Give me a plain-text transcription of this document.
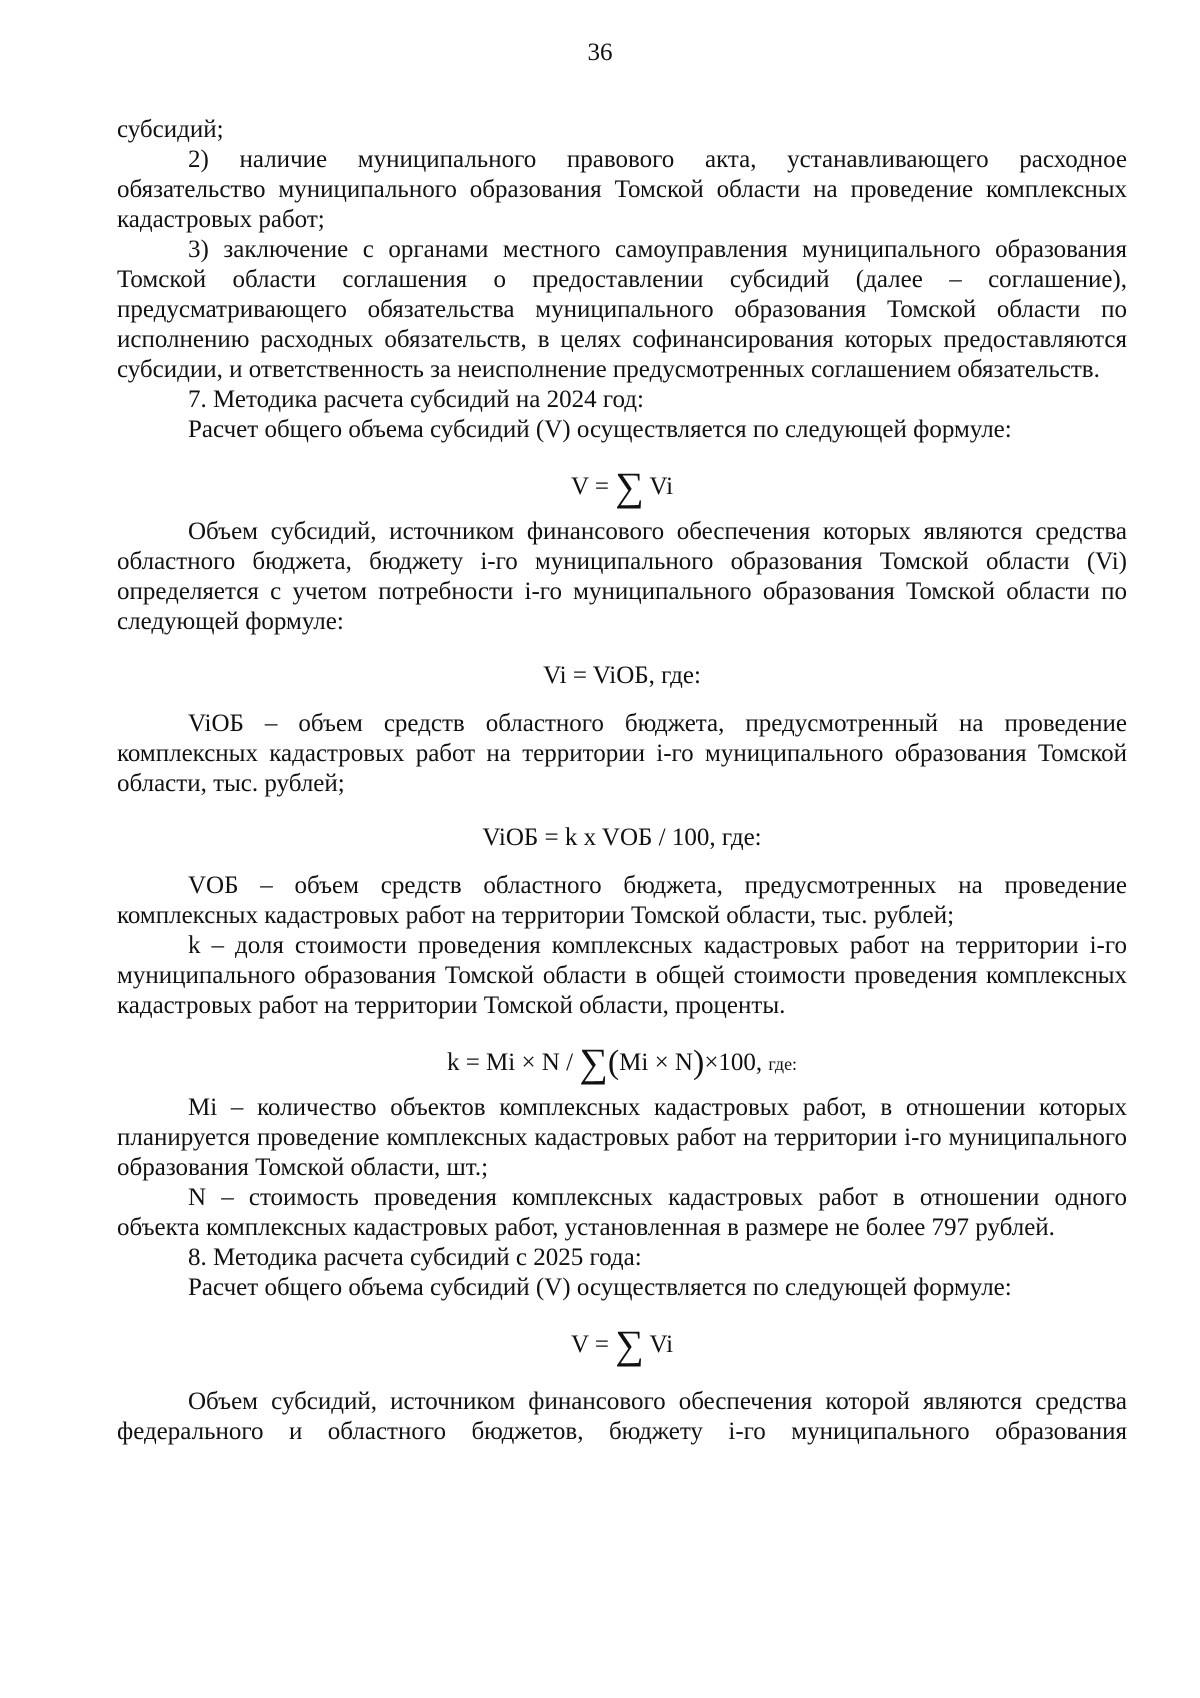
36

субсидий;

2) наличие муниципального правового акта, устанавливающего расходное обязательство муниципального образования Томской области на проведение комплексных кадастровых работ;

3) заключение с органами местного самоуправления муниципального образования Томской области соглашения о предоставлении субсидий (далее – соглашение), предусматривающего обязательства муниципального образования Томской области по исполнению расходных обязательств, в целях софинансирования которых предоставляются субсидии, и ответственность за неисполнение предусмотренных соглашением обязательств.

7. Методика расчета субсидий на 2024 год:

Расчет общего объема субсидий (V) осуществляется по следующей формуле:

V = ∑ Vi

Объем субсидий, источником финансового обеспечения которых являются средства областного бюджета, бюджету i-го муниципального образования Томской области (Vi) определяется с учетом потребности i-го муниципального образования Томской области по следующей формуле:

Vi = ViОБ, где:

ViОБ – объем средств областного бюджета, предусмотренный на проведение комплексных кадастровых работ на территории i-го муниципального образования Томской области, тыс. рублей;

ViОБ = k x VОБ / 100, где:

VОБ – объем средств областного бюджета, предусмотренных на проведение комплексных кадастровых работ на территории Томской области, тыс. рублей;

k – доля стоимости проведения комплексных кадастровых работ на территории i-го муниципального образования Томской области в общей стоимости проведения комплексных кадастровых работ на территории Томской области, проценты.

k = Mi × N / ∑(Mi × N)×100, где:

Mi – количество объектов комплексных кадастровых работ, в отношении которых планируется проведение комплексных кадастровых работ на территории i-го муниципального образования Томской области, шт.;

N – стоимость проведения комплексных кадастровых работ в отношении одного объекта комплексных кадастровых работ, установленная в размере не более 797 рублей.

8. Методика расчета субсидий с 2025 года:

Расчет общего объема субсидий (V) осуществляется по следующей формуле:

V = ∑ Vi

Объем субсидий, источником финансового обеспечения которой являются средства федерального и областного бюджетов, бюджету i-го муниципального образования
